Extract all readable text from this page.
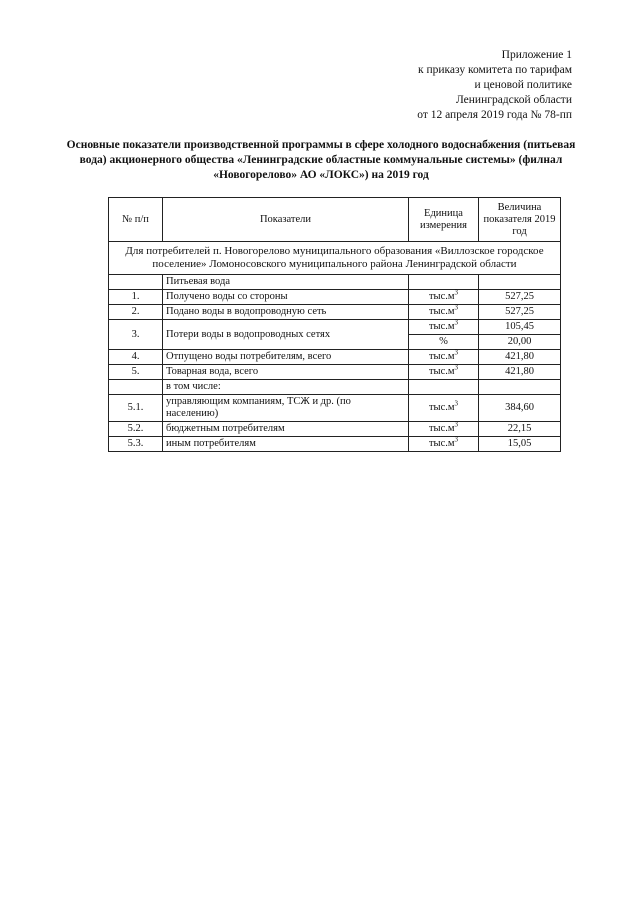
Приложение 1
к приказу комитета по тарифам
и ценовой политике
Ленинградской области
от 12 апреля 2019 года № 78-пп
Основные показатели производственной программы в сфере холодного водоснабжения (питьевая вода) акционерного общества «Ленинградские областные коммунальные системы» (филнал «Новогорелово» АО «ЛОКС») на 2019 год
№ п/п	Показатели	Единица измерения	Величина показателя 2019 год
Для потребителей п. Новогорелово муниципального образования «Виллозское городское поселение» Ломоносовского муниципального района Ленинградской области			
	Питьевая вода		
1.	Получено воды со стороны	$тыс.м^3$	527,25
2.	Подано воды в водопроводную сеть	$тыс.м^3$	527,25
3.	Потери воды в водопроводных сетях	$тыс.м^3$	105,45
		%	20,00
4.	Отпущено воды потребителям, всего	$тыс.м^3$	421,80
5.	Товарная вода, всего	$тыс.м^3$	421,80
	в том числе:		
5.1.	управляющим компаниям, ТСЖ и др. (по населению)	$тыс.м^3$	384,60
5.2.	бюджетным потребителям	$тыс.м^3$	22,15
5.3.	иным потребителям	$тыс.м^3$	15,05
